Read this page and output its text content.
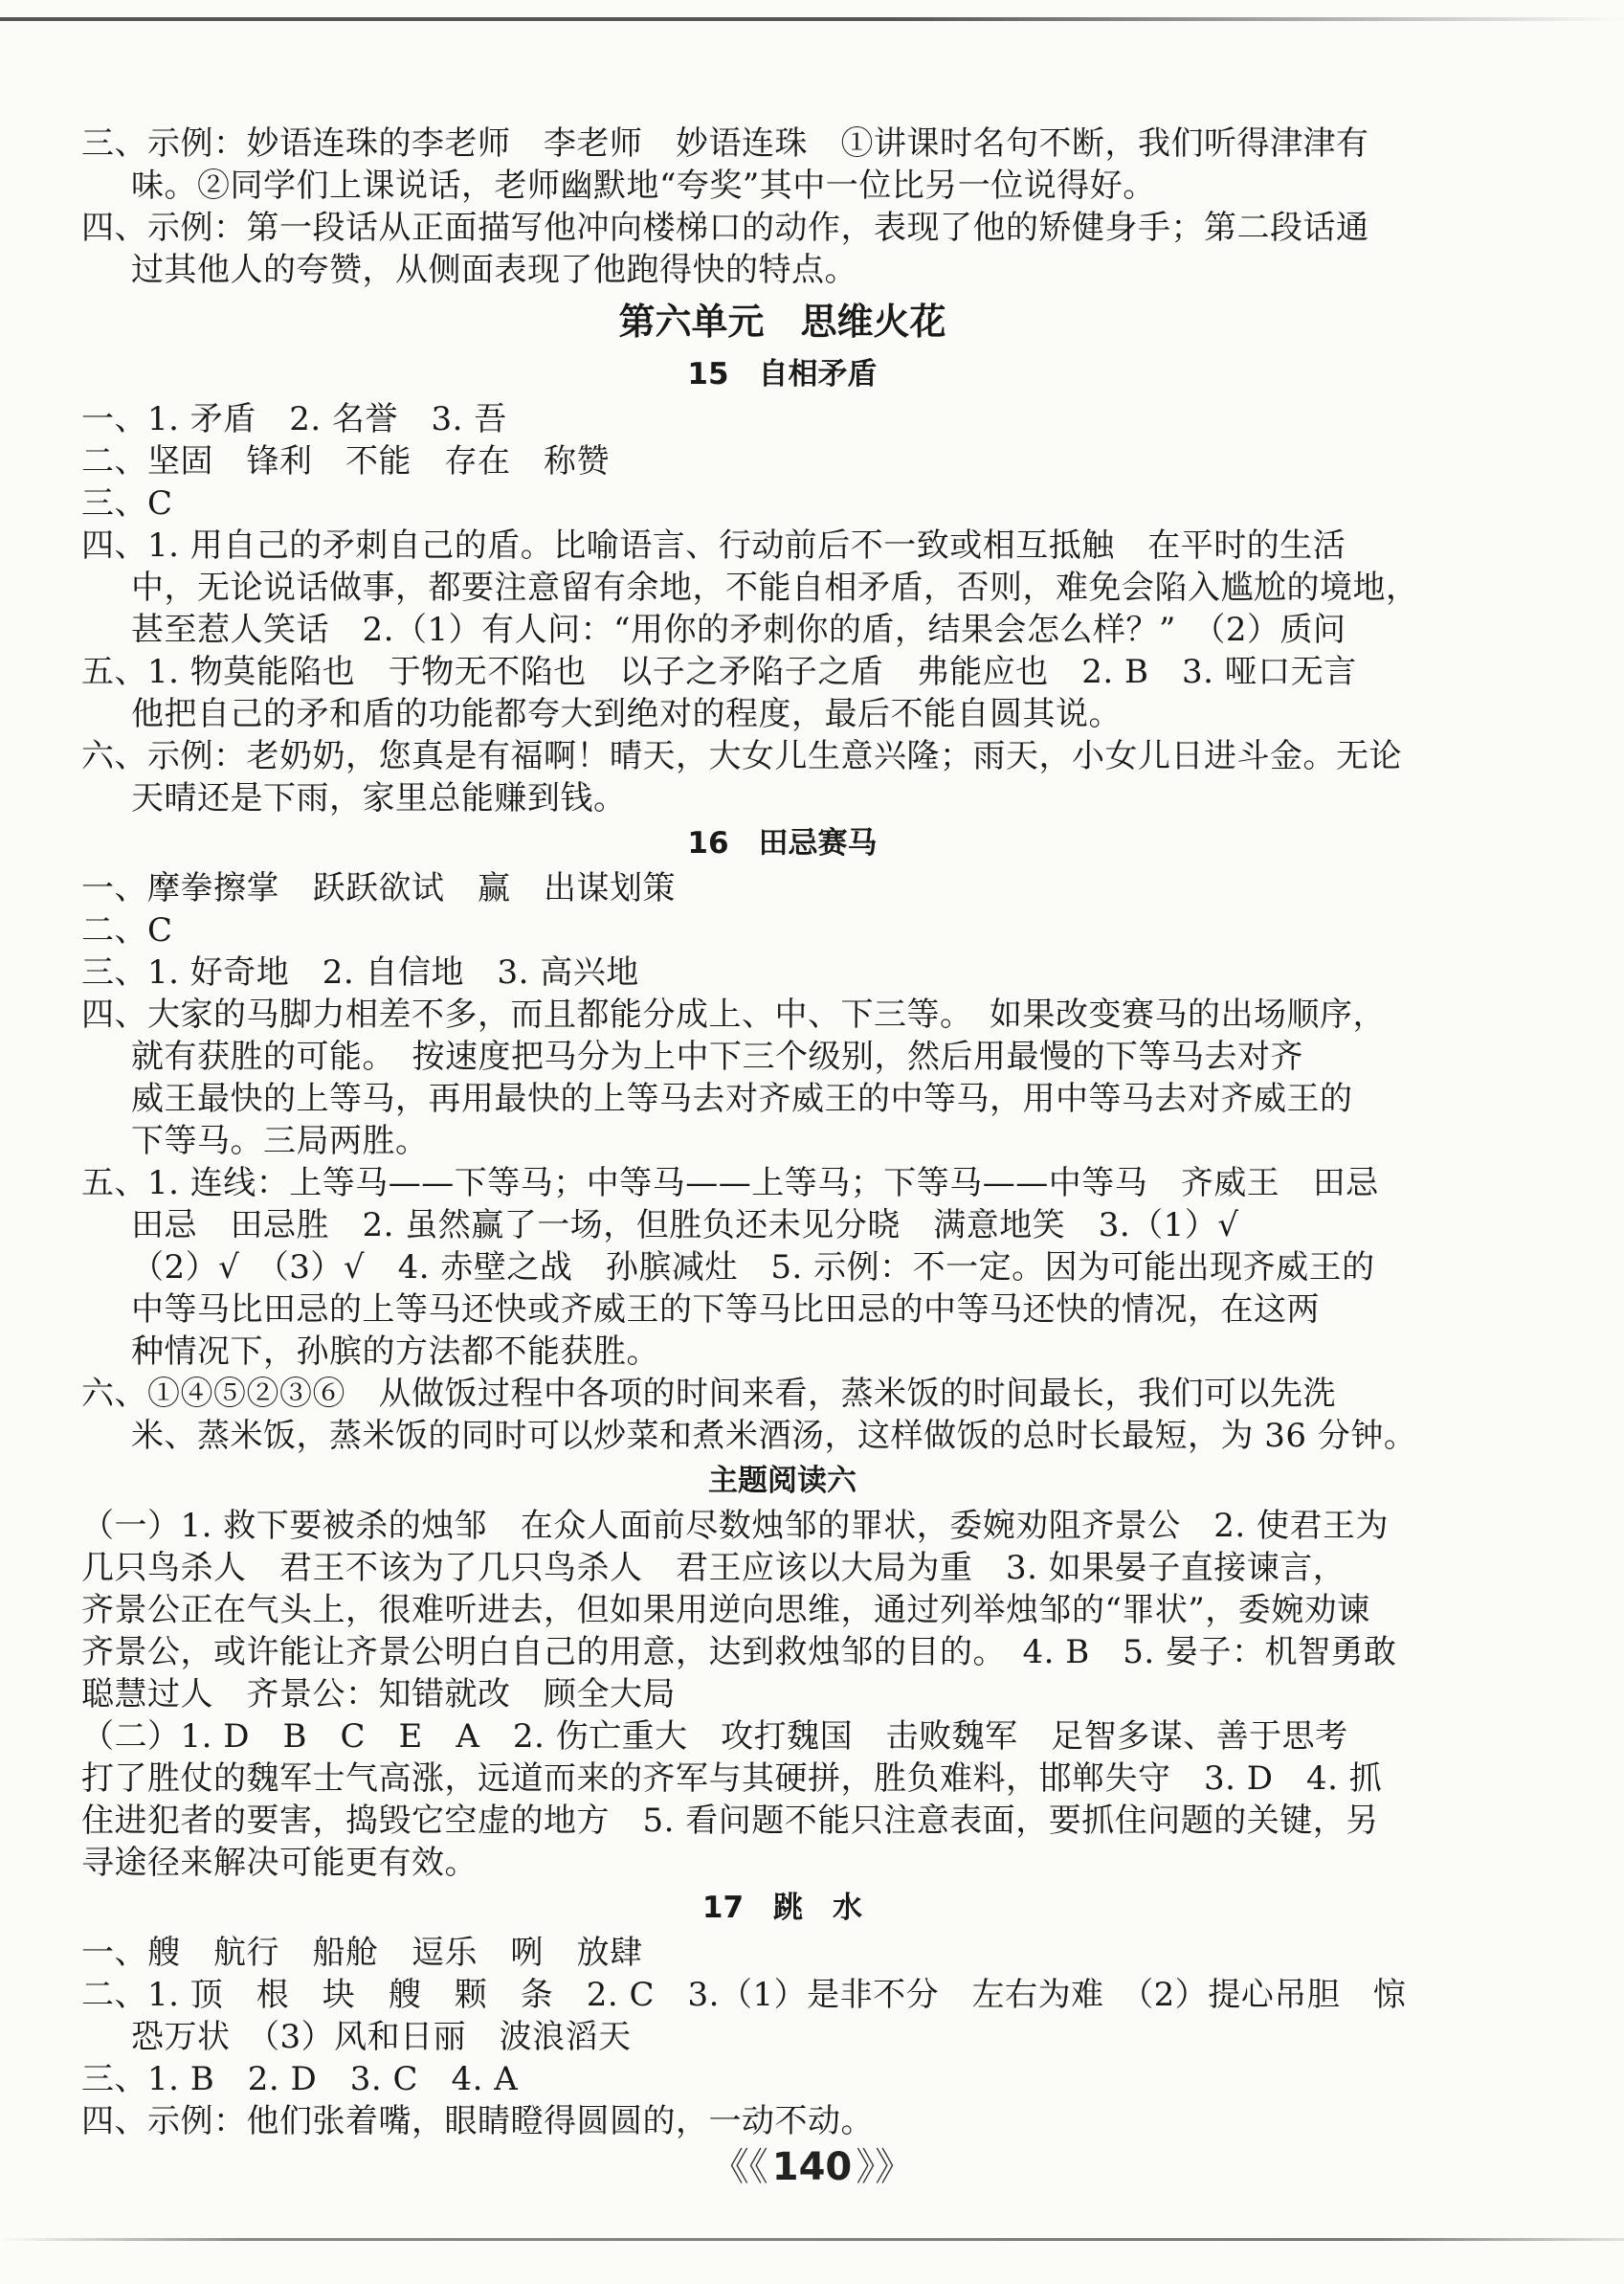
三、示例：妙语连珠的李老师　李老师　妙语连珠　①讲课时名句不断，我们听得津津有

味。②同学们上课说话，老师幽默地“夸奖”其中一位比另一位说得好。

四、示例：第一段话从正面描写他冲向楼梯口的动作，表现了他的矫健身手；第二段话通

过其他人的夸赞，从侧面表现了他跑得快的特点。

第六单元　思维火花
15　自相矛盾

一、1. 矛盾　2. 名誉　3. 吾

二、坚固　锋利　不能　存在　称赞

三、C

四、1. 用自己的矛刺自己的盾。比喻语言、行动前后不一致或相互抵触　在平时的生活

中，无论说话做事，都要注意留有余地，不能自相矛盾，否则，难免会陷入尴尬的境地，

甚至惹人笑话　2.（1）有人问：“用你的矛刺你的盾，结果会怎么样？”　（2）质问

五、1. 物莫能陷也　于物无不陷也　以子之矛陷子之盾　弗能应也　2. B　3. 哑口无言

他把自己的矛和盾的功能都夸大到绝对的程度，最后不能自圆其说。

六、示例：老奶奶，您真是有福啊！晴天，大女儿生意兴隆；雨天，小女儿日进斗金。无论

天晴还是下雨，家里总能赚到钱。

16　田忌赛马

一、摩拳擦掌　跃跃欲试　赢　出谋划策

二、C

三、1. 好奇地　2. 自信地　3. 高兴地

四、大家的马脚力相差不多，而且都能分成上、中、下三等。　如果改变赛马的出场顺序，

就有获胜的可能。　按速度把马分为上中下三个级别，然后用最慢的下等马去对齐

威王最快的上等马，再用最快的上等马去对齐威王的中等马，用中等马去对齐威王的

下等马。三局两胜。

五、1. 连线：上等马——下等马；中等马——上等马；下等马——中等马　齐威王　田忌

田忌　田忌胜　2. 虽然赢了一场，但胜负还未见分晓　满意地笑　3.（1）√

（2）√　（3）√　4. 赤壁之战　孙膑减灶　5. 示例：不一定。因为可能出现齐威王的

中等马比田忌的上等马还快或齐威王的下等马比田忌的中等马还快的情况，在这两

种情况下，孙膑的方法都不能获胜。

六、①④⑤②③⑥　从做饭过程中各项的时间来看，蒸米饭的时间最长，我们可以先洗

米、蒸米饭，蒸米饭的同时可以炒菜和煮米酒汤，这样做饭的总时长最短，为 36 分钟。

主题阅读六

（一）1. 救下要被杀的烛邹　在众人面前尽数烛邹的罪状，委婉劝阻齐景公　2. 使君王为

几只鸟杀人　君王不该为了几只鸟杀人　君王应该以大局为重　3. 如果晏子直接谏言，

齐景公正在气头上，很难听进去，但如果用逆向思维，通过列举烛邹的“罪状”，委婉劝谏

齐景公，或许能让齐景公明白自己的用意，达到救烛邹的目的。　4. B　5. 晏子：机智勇敢

聪慧过人　齐景公：知错就改　顾全大局

（二）1. D　B　C　E　A　2. 伤亡重大　攻打魏国　击败魏军　足智多谋、善于思考

打了胜仗的魏军士气高涨，远道而来的齐军与其硬拼，胜负难料，邯郸失守　3. D　4. 抓

住进犯者的要害，捣毁它空虚的地方　5. 看问题不能只注意表面，要抓住问题的关键，另

寻途径来解决可能更有效。

17　跳　水

一、艘　航行　船舱　逗乐　咧　放肆

二、1. 顶　根　块　艘　颗　条　2. C　3.（1）是非不分　左右为难　（2）提心吊胆　惊

恐万状　（3）风和日丽　波浪滔天

三、1. B　2. D　3. C　4. A

四、示例：他们张着嘴，眼睛瞪得圆圆的，一动不动。

《《 140 》》
